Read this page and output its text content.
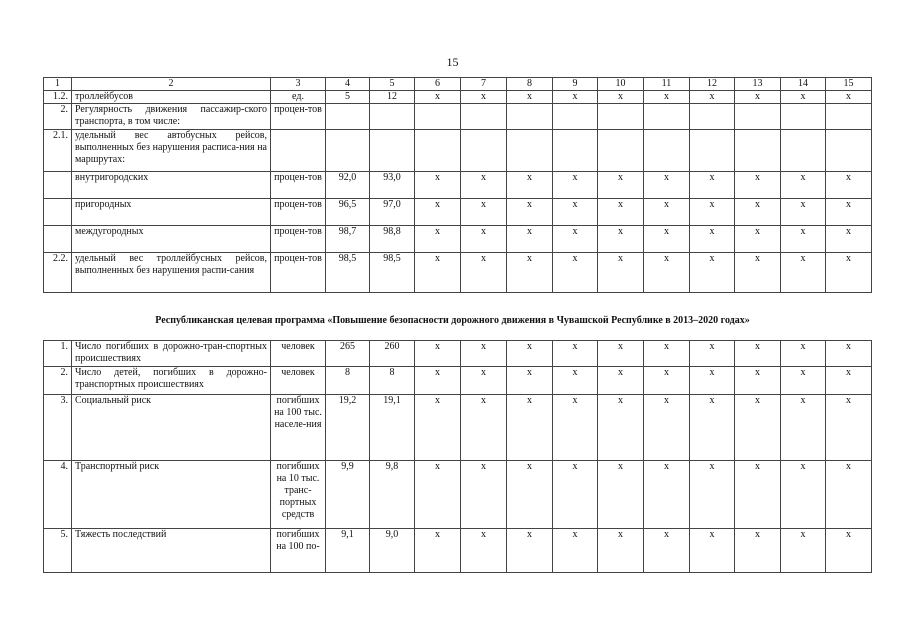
15
1	2	3	4	5	6	7	8	9	10	11	12	13	14	15
1.2.	троллейбусов	ед.	5	12	x	x	x	x	x	x	x	x	x	x
2.	Регулярность движения пассажир-ского транспорта, в том числе:	процен-тов												
2.1.	удельный вес автобусных рейсов, выполненных без нарушения расписа-ния на маршрутах:													
	внутригородских	процен-тов	92,0	93,0	x	x	x	x	x	x	x	x	x	x
	пригородных	процен-тов	96,5	97,0	x	x	x	x	x	x	x	x	x	x
	междугородных	процен-тов	98,7	98,8	x	x	x	x	x	x	x	x	x	x
2.2.	удельный вес троллейбусных рейсов, выполненных без нарушения распи-сания	процен-тов	98,5	98,5	x	x	x	x	x	x	x	x	x	x
Республиканская целевая программа «Повышение безопасности дорожного движения в Чувашской Республике в 2013–2020 годах»
1.	Число погибших в дорожно-тран-спортных происшествиях	человек	265	260	x	x	x	x	x	x	x	x	x	x
2.	Число детей, погибших в дорожно-транспортных происшествиях	человек	8	8	x	x	x	x	x	x	x	x	x	x
3.	Социальный риск	погибших на 100 тыс. населе-ния	19,2	19,1	x	x	x	x	x	x	x	x	x	x
4.	Транспортный риск	погибших на 10 тыс. транс-портных средств	9,9	9,8	x	x	x	x	x	x	x	x	x	x
5.	Тяжесть последствий	погибших на 100 по-	9,1	9,0	x	x	x	x	x	x	x	x	x	x
